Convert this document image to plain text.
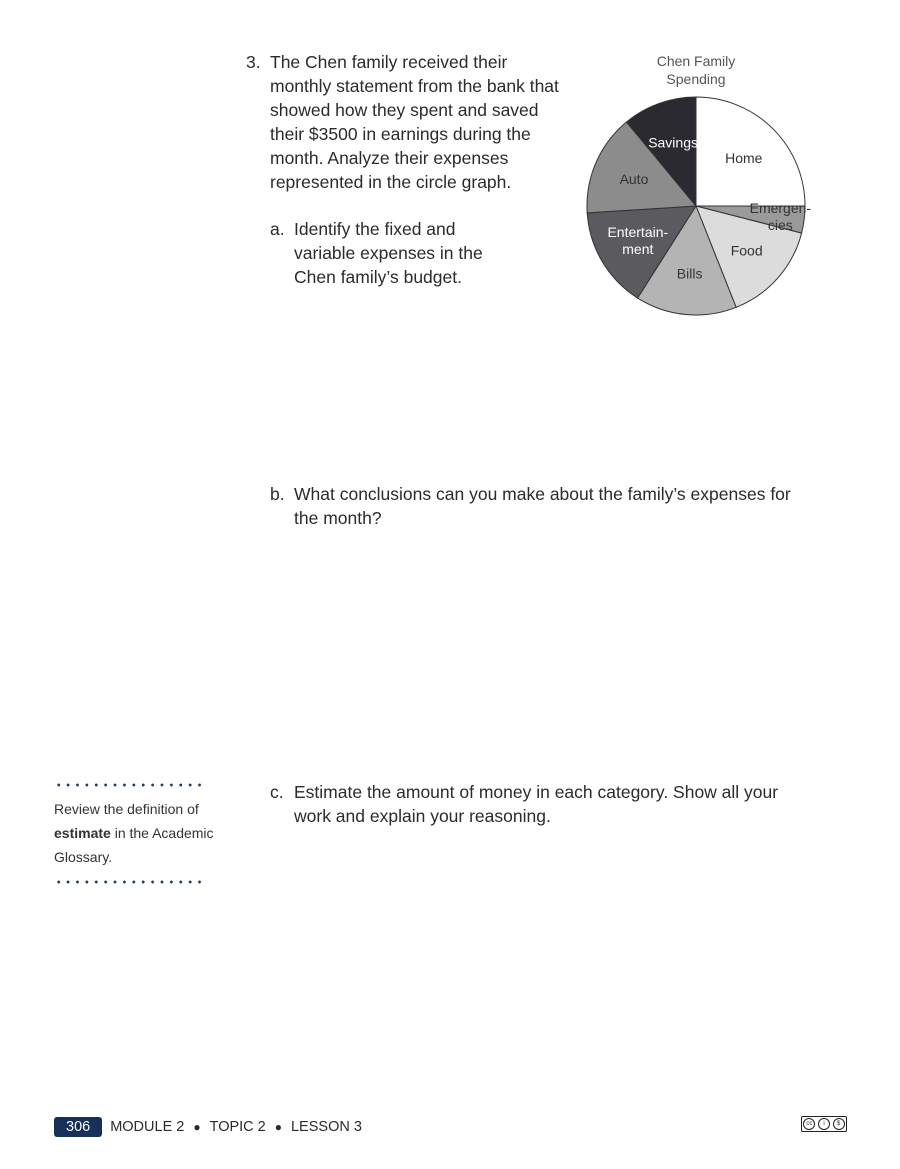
3. The Chen family received their monthly statement from the bank that showed how they spent and saved their $3500 in earnings during the month. Analyze their expenses represented in the circle graph.
a. Identify the fixed and variable expenses in the Chen family’s budget.
Chen Family
Spending
Home
Emergen-
cies
Food
Bills
Entertain-
ment
Auto
Savings
b. What conclusions can you make about the family’s expenses for the month?
Review the definition of estimate in the Academic Glossary.
c. Estimate the amount of money in each category. Show all your work and explain your reasoning.
306	MODULE 2 ● TOPIC 2 ● LESSON 3	cc	i	$
